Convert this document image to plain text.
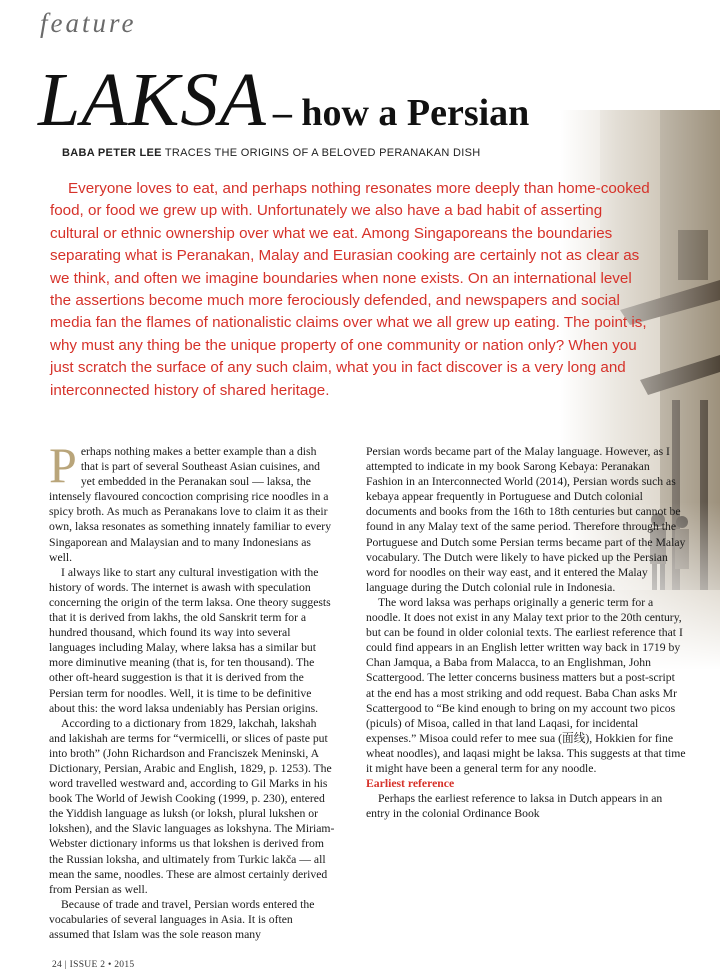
feature
LAKSA – how a Persian
BABA PETER LEE TRACES THE ORIGINS OF A BELOVED PERANAKAN DISH

Everyone loves to eat, and perhaps nothing resonates more deeply than home-cooked food, or food we grew up with. Unfortunately we also have a bad habit of asserting cultural or ethnic ownership over what we eat. Among Singaporeans the boundaries separating what is Peranakan, Malay and Eurasian cooking are certainly not as clear as we think, and often we imagine boundaries when none exists. On an international level the assertions become much more ferociously defended, and newspapers and social media fan the flames of nationalistic claims over what we all grew up eating. The point is, why must any thing be the unique property of one community or nation only? When you just scratch the surface of any such claim, what you in fact discover is a very long and interconnected history of shared heritage.

Perhaps nothing makes a better example than a dish that is part of several Southeast Asian cuisines, and yet embedded in the Peranakan soul — laksa, the intensely flavoured concoction comprising rice noodles in a spicy broth. As much as Peranakans love to claim it as their own, laksa resonates as something innately familiar to every Singaporean and Malaysian and to many Indonesians as well.

I always like to start any cultural investigation with the history of words. The internet is awash with speculation concerning the origin of the term laksa. One theory suggests that it is derived from lakhs, the old Sanskrit term for a hundred thousand, which found its way into several languages including Malay, where laksa has a similar but more diminutive meaning (that is, for ten thousand). The other oft-heard suggestion is that it is derived from the Persian term for noodles. Well, it is time to be definitive about this: the word laksa undeniably has Persian origins.

According to a dictionary from 1829, lakchah, lakshah and lakishah are terms for “vermicelli, or slices of paste put into broth” (John Richardson and Franciszek Meninski, A Dictionary, Persian, Arabic and English, 1829, p. 1253). The word travelled westward and, according to Gil Marks in his book The World of Jewish Cooking (1999, p. 230), entered the Yiddish language as luksh (or loksh, plural lukshen or lokshen), and the Slavic languages as lokshyna. The Miriam-Webster dictionary informs us that lokshen is derived from the Russian loksha, and ultimately from Turkic lakča — all mean the same, noodles. These are almost certainly derived from Persian as well.

Because of trade and travel, Persian words entered the vocabularies of several languages in Asia. It is often assumed that Islam was the sole reason many

Persian words became part of the Malay language. However, as I attempted to indicate in my book Sarong Kebaya: Peranakan Fashion in an Interconnected World (2014), Persian words such as kebaya appear frequently in Portuguese and Dutch colonial documents and books from the 16th to 18th centuries but cannot be found in any Malay text of the same period. Therefore through the Portuguese and Dutch some Persian terms became part of the Malay vocabulary. The Dutch were likely to have picked up the Persian word for noodles on their way east, and it entered the Malay language during the Dutch colonial rule in Indonesia.

The word laksa was perhaps originally a generic term for a noodle. It does not exist in any Malay text prior to the 20th century, but can be found in older colonial texts. The earliest reference that I could find appears in an English letter written way back in 1719 by Chan Jamqua, a Baba from Malacca, to an Englishman, John Scattergood. The letter concerns business matters but a post-script at the end has a most striking and odd request. Baba Chan asks Mr Scattergood to “Be kind enough to bring on my account two picos (piculs) of Misoa, called in that land Laqasi, for incidental expenses.” Misoa could refer to mee sua (面线), Hokkien for fine wheat noodles), and laqasi might be laksa. This suggests at that time it might have been a general term for any noodle.

Earliest reference

Perhaps the earliest reference to laksa in Dutch appears in an entry in the colonial Ordinance Book

24 | ISSUE 2 • 2015
